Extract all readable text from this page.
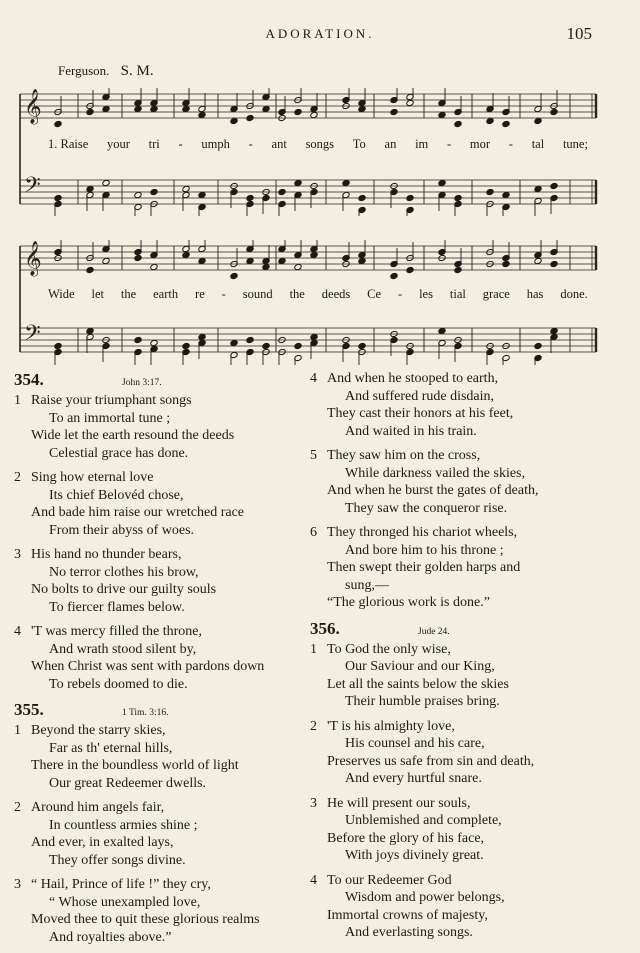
ADORATION.	105
Ferguson. S. M.
𝄞
𝄢
1. Raise your tri - umph - ant songs To an im - mor - tal tune;
𝄞
𝄢
Wide let the earth re - sound the deeds Ce - les tial grace has done.
354.	John 3:17.
1 Raise your triumphant songs
To an immortal tune ;
Wide let the earth resound the deeds
Celestial grace has done.
2 Sing how eternal love
Its chief Belovéd chose,
And bade him raise our wretched race
From their abyss of woes.
3 His hand no thunder bears,
No terror clothes his brow,
No bolts to drive our guilty souls
To fiercer flames below.
4 'T was mercy filled the throne,
And wrath stood silent by,
When Christ was sent with pardons down
To rebels doomed to die.
355.	1 Tim. 3:16.
1 Beyond the starry skies,
Far as th' eternal hills,
There in the boundless world of light
Our great Redeemer dwells.
2 Around him angels fair,
In countless armies shine ;
And ever, in exalted lays,
They offer songs divine.
3 “ Hail, Prince of life !” they cry,
“ Whose unexampled love,
Moved thee to quit these glorious realms
And royalties above.”
4 And when he stooped to earth,
And suffered rude disdain,
They cast their honors at his feet,
And waited in his train.
5 They saw him on the cross,
While darkness vailed the skies,
And when he burst the gates of death,
They saw the conqueror rise.
6 They thronged his chariot wheels,
And bore him to his throne ;
Then swept their golden harps and
sung,—
“The glorious work is done.”
356.	Jude 24.
1 To God the only wise,
Our Saviour and our King,
Let all the saints below the skies
Their humble praises bring.
2 'T is his almighty love,
His counsel and his care,
Preserves us safe from sin and death,
And every hurtful snare.
3 He will present our souls,
Unblemished and complete,
Before the glory of his face,
With joys divinely great.
4 To our Redeemer God
Wisdom and power belongs,
Immortal crowns of majesty,
And everlasting songs.
